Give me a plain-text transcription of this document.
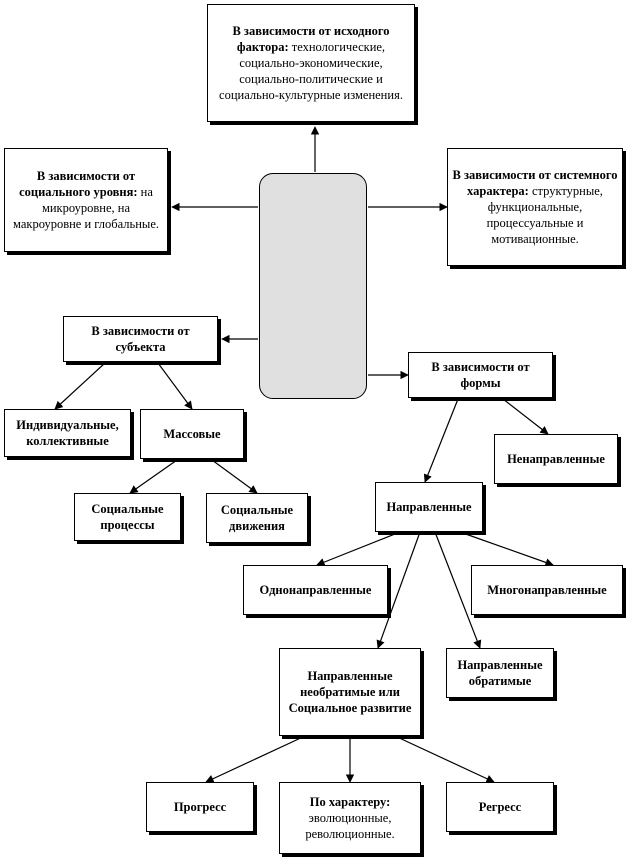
В зависимости от исходного фактора: технологические, социально-экономические, социально-политические и социально-культурные изменения.
В зависимости от социального уровня: на микроуровне, на макроуровне и глобальные.
В зависимости от системного характера: структурные, функциональные, процессуальные и мотивационные.
В зависимости от субъекта
В зависимости от формы
Индивидуальные, коллективные	Массовые
Социальные процессы
Социальные движения
Ненаправленные
Направленные
Однонаправленные	Многонаправленные
Направленные необратимые или Социальное развитие
Направленные обратимые
Прогресс	По характеру: эволюционные, революционные.
Регресс
